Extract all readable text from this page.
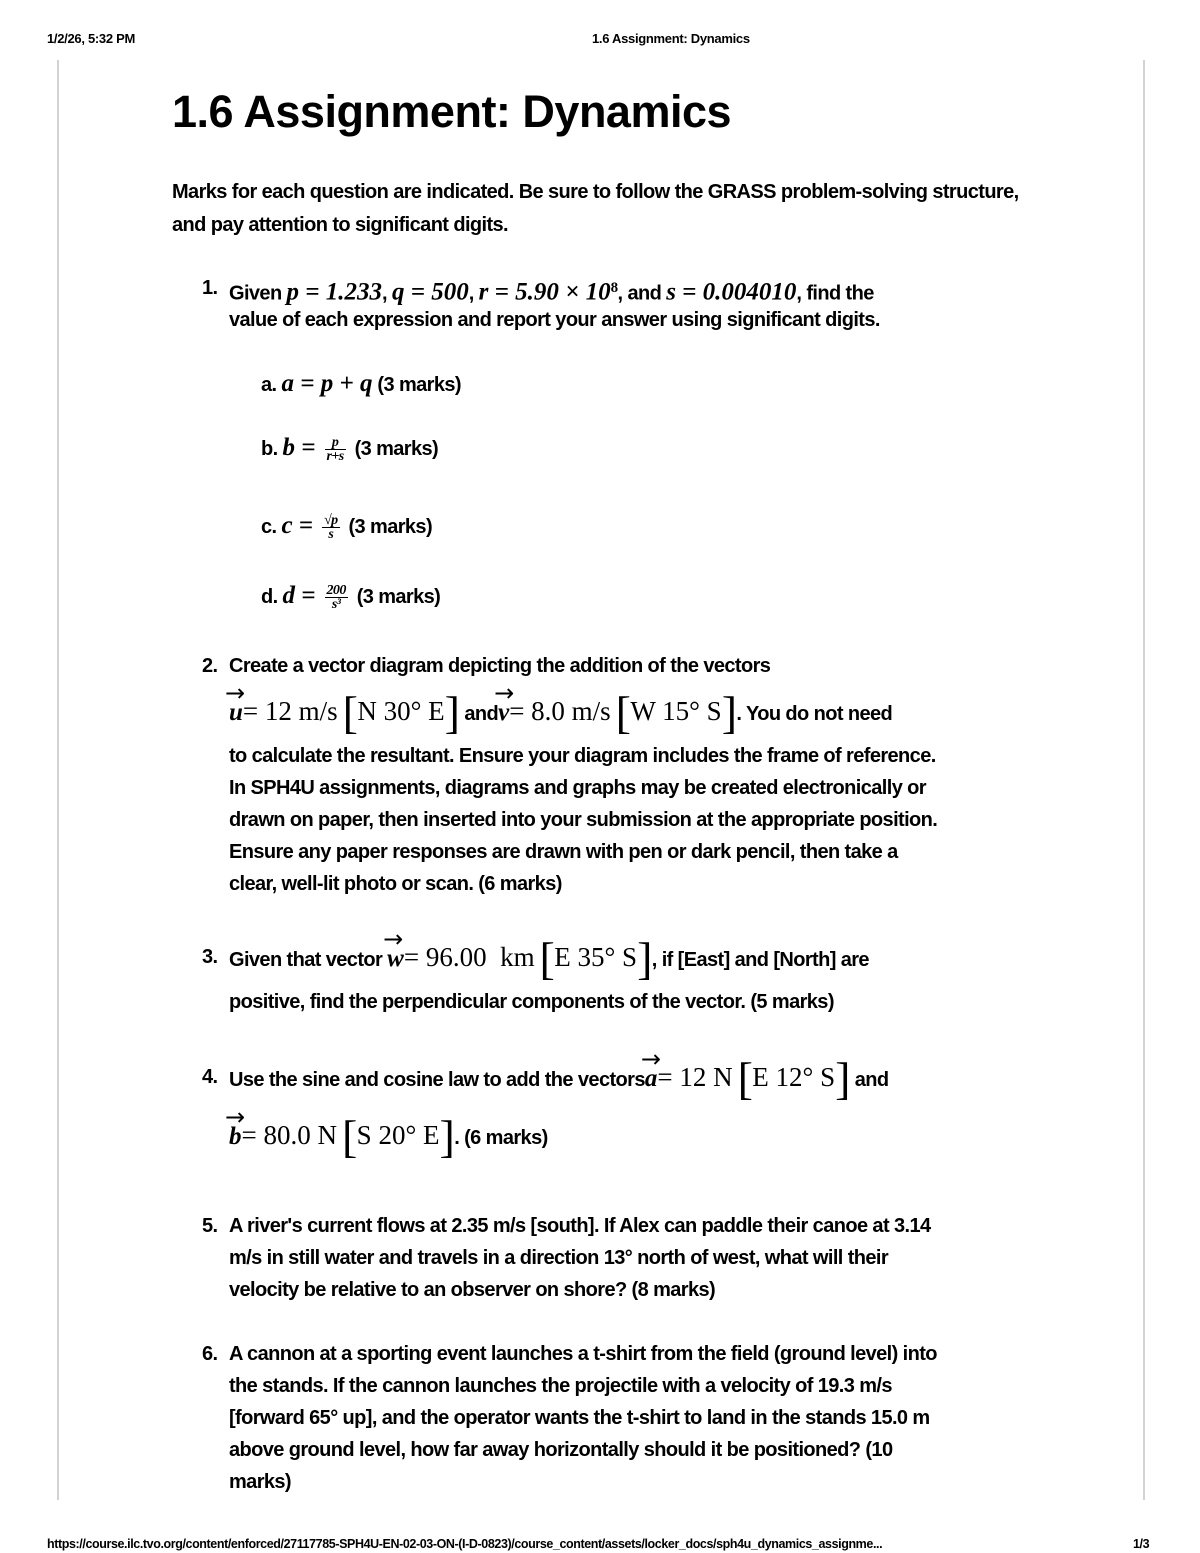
1/2/26, 5:32 PM	1.6 Assignment: Dynamics
1.6 Assignment: Dynamics
Marks for each question are indicated. Be sure to follow the GRASS problem-solving structure, and pay attention to significant digits.
1. Given p = 1.233, q = 500, $r = 5.90 \times 10^8$, and s = 0.004010, find the
value of each expression and report your answer using significant digits.
a. a = p + q (3 marks)
b. $b = \frac{p}{r+s} (3$ marks)
c. $c = \frac{√p}{s} (3$ marks)
d. $d = \frac{200}{\text{s³}} (3$ marks)
2. Create a vector diagram depicting the addition of the vectors
→ u= 12 m/s [N 30° E] and→ v= 8.0 m/s [W 15° S]. You do not need
to calculate the resultant. Ensure your diagram includes the frame of reference.
In SPH4U assignments, diagrams and graphs may be created electronically or
drawn on paper, then inserted into your submission at the appropriate position.
Ensure any paper responses are drawn with pen or dark pencil, then take a
clear, well-lit photo or scan. (6 marks)
3. Given that vector → w= 96.00  km [E 35° S], if [East] and [North] are
positive, find the perpendicular components of the vector. (5 marks)
4. Use the sine and cosine law to add the vectors→ a= 12 N [E 12° S] and
→ b= 80.0 N [S 20° E]. (6 marks)
5. A river's current flows at 2.35 m/s [south]. If Alex can paddle their canoe at 3.14
m/s in still water and travels in a direction 13° north of west, what will their
velocity be relative to an observer on shore? (8 marks)
6. A cannon at a sporting event launches a t-shirt from the field (ground level) into
the stands. If the cannon launches the projectile with a velocity of 19.3 m/s
[forward 65° up], and the operator wants the t-shirt to land in the stands 15.0 m
above ground level, how far away horizontally should it be positioned? (10
marks)
https://course.ilc.tvo.org/content/enforced/27117785-SPH4U-EN-02-03-ON-(I-D-0823)/course_content/assets/locker_docs/sph4u_dynamics_assignme...	1/3
